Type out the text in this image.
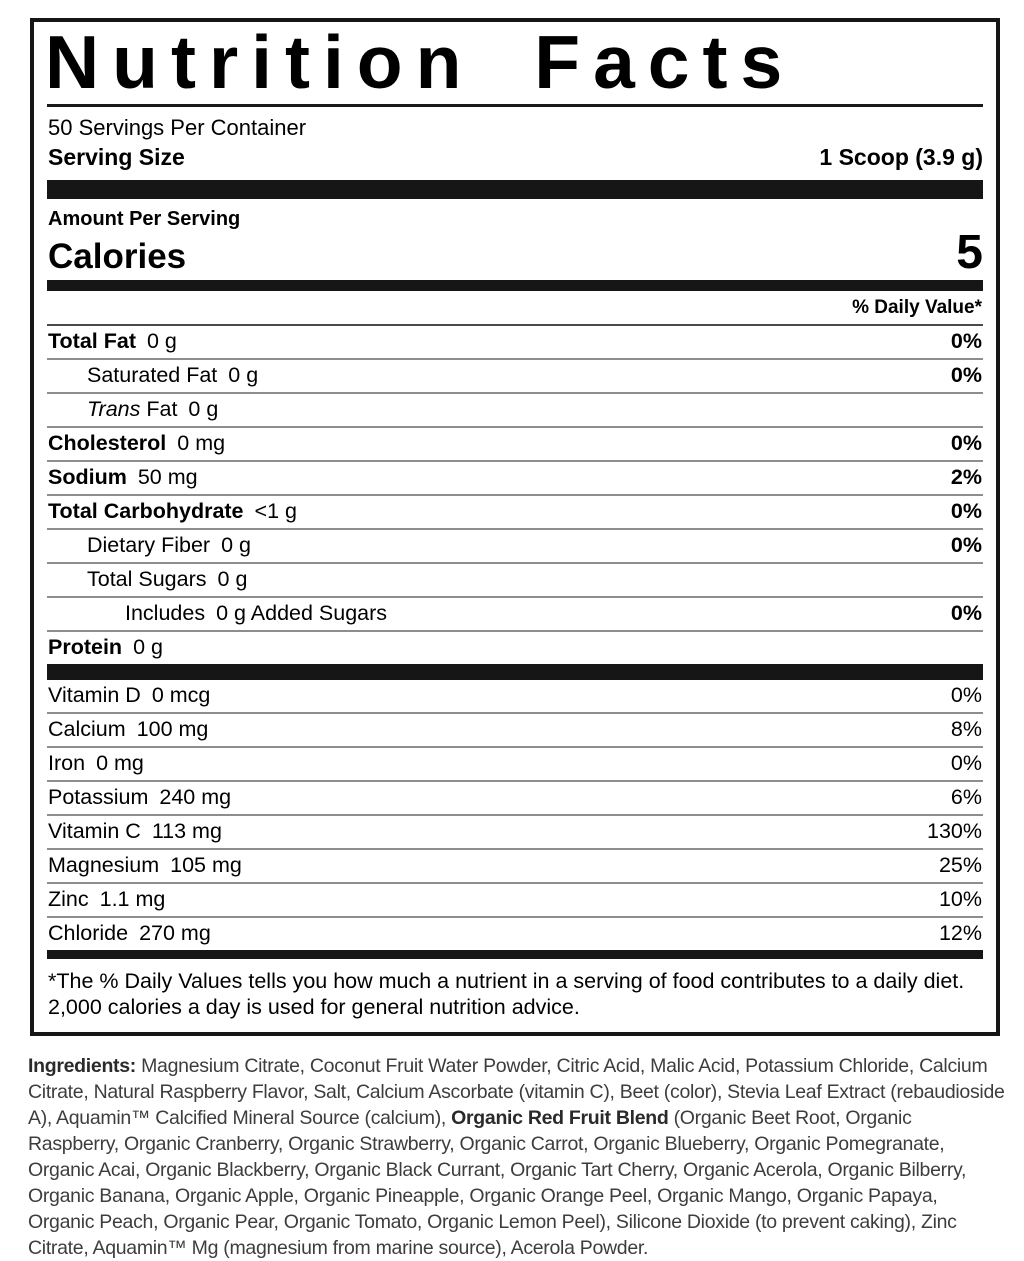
Nutrition Facts
50 Servings Per Container
Serving Size	1 Scoop (3.9 g)
Amount Per Serving
Calories	5
% Daily Value*
Total Fat 0 g	0%
Saturated Fat 0 g	0%
Trans Fat 0 g
Cholesterol 0 mg	0%
Sodium 50 mg	2%
Total Carbohydrate <1 g	0%
Dietary Fiber 0 g	0%
Total Sugars 0 g
Includes 0 g Added Sugars	0%
Protein 0 g
Vitamin D 0 mcg	0%
Calcium 100 mg	8%
Iron 0 mg	0%
Potassium 240 mg	6%
Vitamin C 113 mg	130%
Magnesium 105 mg	25%
Zinc 1.1 mg	10%
Chloride 270 mg	12%
*The % Daily Values tells you how much a nutrient in a serving of food contributes to a daily diet. 2,000 calories a day is used for general nutrition advice.

Ingredients: Magnesium Citrate, Coconut Fruit Water Powder, Citric Acid, Malic Acid, Potassium Chloride, Calcium Citrate, Natural Raspberry Flavor, Salt, Calcium Ascorbate (vitamin C), Beet (color), Stevia Leaf Extract (rebaudioside A), Aquamin™ Calcified Mineral Source (calcium), Organic Red Fruit Blend (Organic Beet Root, Organic Raspberry, Organic Cranberry, Organic Strawberry, Organic Carrot, Organic Blueberry, Organic Pomegranate, Organic Acai, Organic Blackberry, Organic Black Currant, Organic Tart Cherry, Organic Acerola, Organic Bilberry, Organic Banana, Organic Apple, Organic Pineapple, Organic Orange Peel, Organic Mango, Organic Papaya, Organic Peach, Organic Pear, Organic Tomato, Organic Lemon Peel), Silicone Dioxide (to prevent caking), Zinc Citrate, Aquamin™ Mg (magnesium from marine source), Acerola Powder.
